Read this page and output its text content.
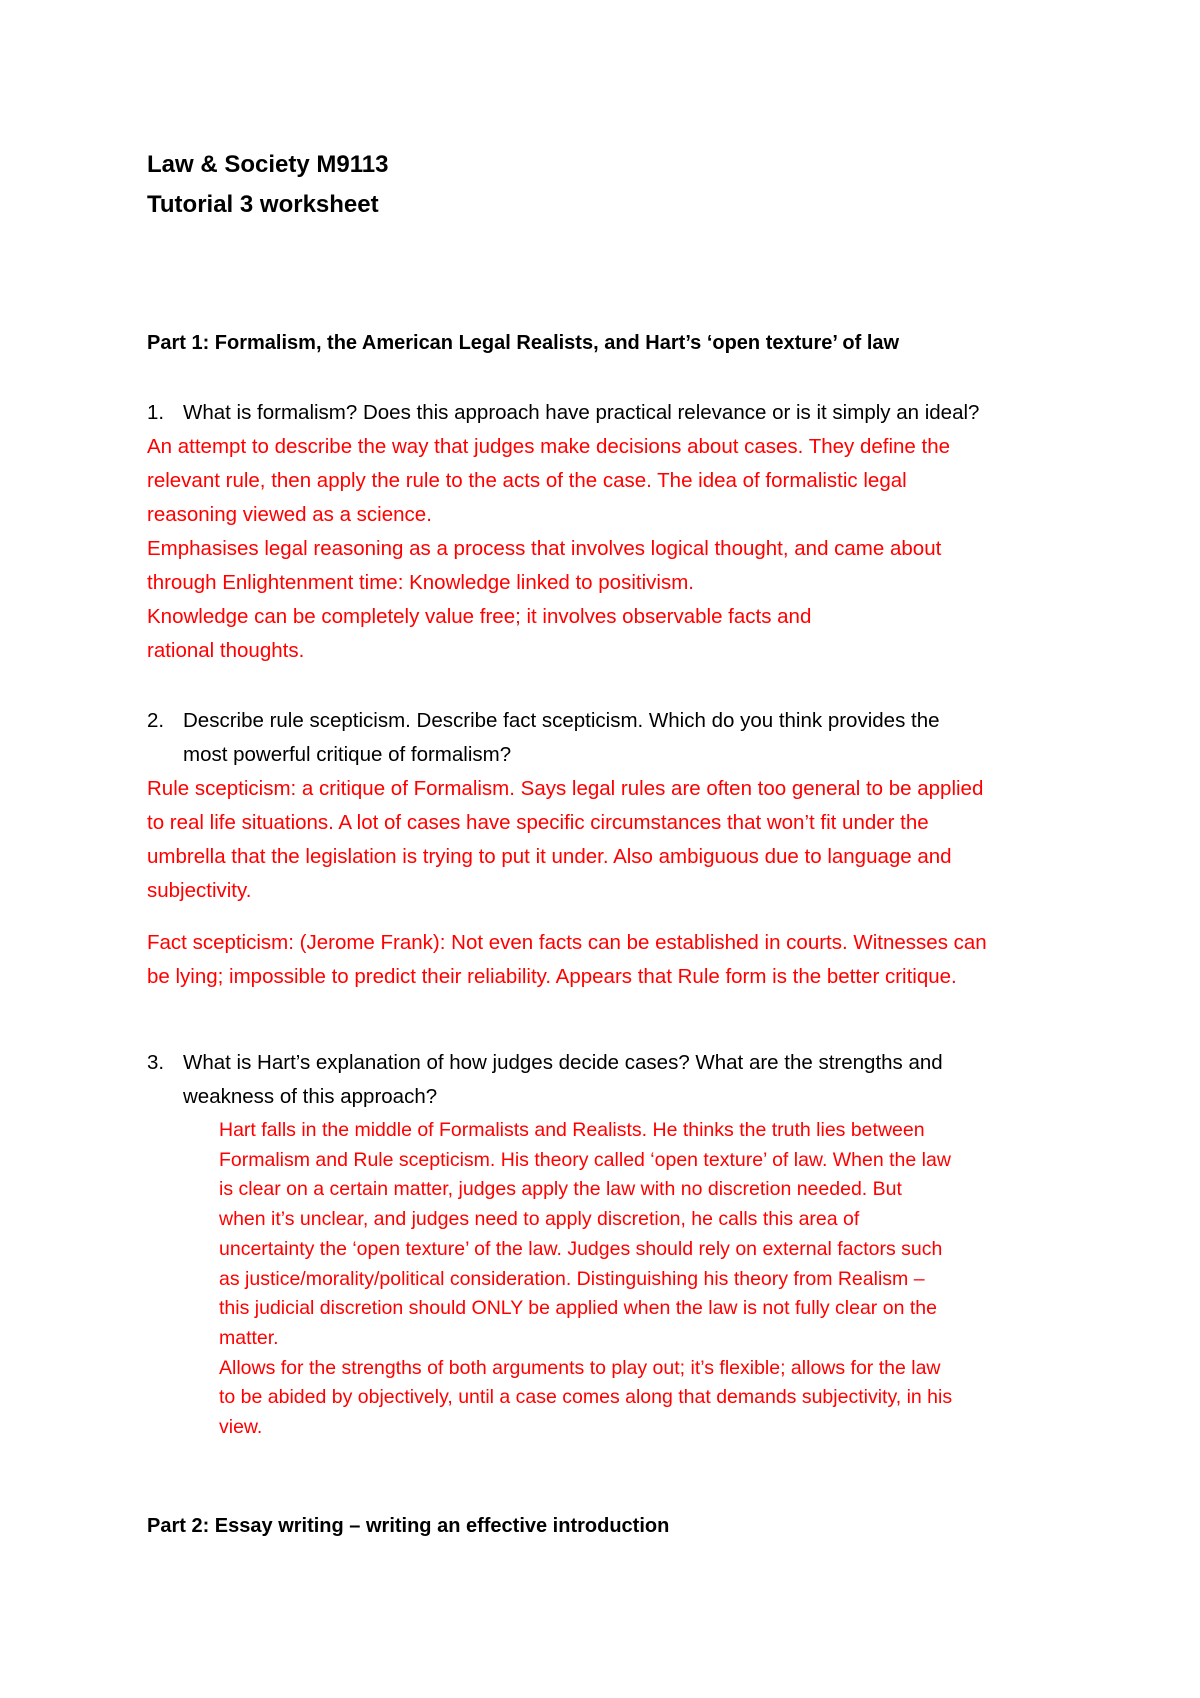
Law & Society M9113
Tutorial 3 worksheet
Part 1: Formalism, the American Legal Realists, and Hart’s ‘open texture’ of law
1. What is formalism? Does this approach have practical relevance or is it simply an ideal?
An attempt to describe the way that judges make decisions about cases. They define the
relevant rule, then apply the rule to the acts of the case. The idea of formalistic legal
reasoning viewed as a science.
Emphasises legal reasoning as a process that involves logical thought, and came about
through Enlightenment time: Knowledge linked to positivism.
Knowledge can be completely value free; it involves observable facts and
rational thoughts.
2. Describe rule scepticism. Describe fact scepticism. Which do you think provides the
most powerful critique of formalism?
Rule scepticism: a critique of Formalism. Says legal rules are often too general to be applied
to real life situations. A lot of cases have specific circumstances that won’t fit under the
umbrella that the legislation is trying to put it under. Also ambiguous due to language and
subjectivity.
Fact scepticism: (Jerome Frank): Not even facts can be established in courts. Witnesses can
be lying; impossible to predict their reliability. Appears that Rule form is the better critique.
3. What is Hart’s explanation of how judges decide cases? What are the strengths and
weakness of this approach?
Hart falls in the middle of Formalists and Realists. He thinks the truth lies between
Formalism and Rule scepticism. His theory called ‘open texture’ of law. When the law
is clear on a certain matter, judges apply the law with no discretion needed. But
when it’s unclear, and judges need to apply discretion, he calls this area of
uncertainty the ‘open texture’ of the law. Judges should rely on external factors such
as justice/morality/political consideration. Distinguishing his theory from Realism –
this judicial discretion should ONLY be applied when the law is not fully clear on the
matter.
Allows for the strengths of both arguments to play out; it’s flexible; allows for the law
to be abided by objectively, until a case comes along that demands subjectivity, in his
view.
Part 2: Essay writing – writing an effective introduction
